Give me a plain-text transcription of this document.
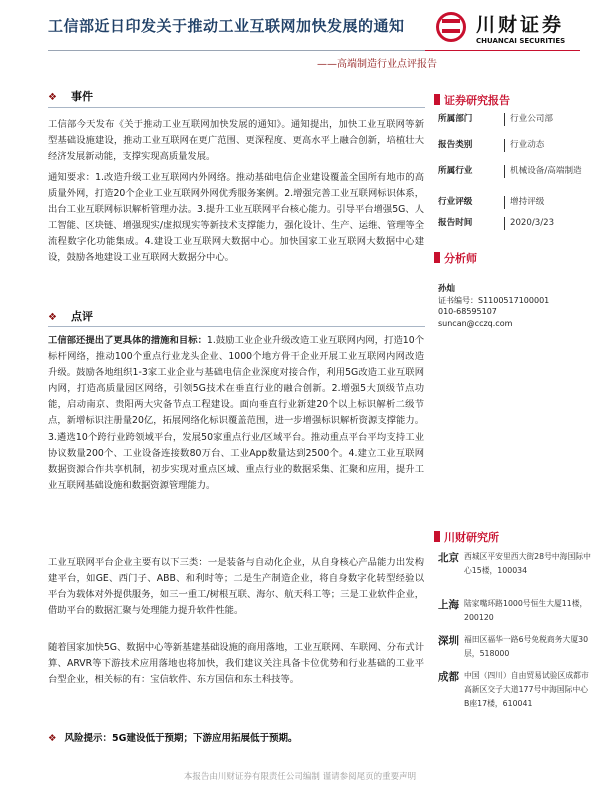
工信部近日印发关于推动工业互联网加快发展的通知	川财证券
CHUANCAI SECURITIES
——高端制造行业点评报告
❖ 事件
工信部今天发布《关于推动工业互联网加快发展的通知》。通知提出，加快工业互联网等新型基础设施建设，推动工业互联网在更广范围、更深程度、更高水平上融合创新，培植壮大经济发展新动能，支撑实现高质量发展。
通知要求：1.改造升级工业互联网内外网络。推动基础电信企业建设覆盖全国所有地市的高质量外网，打造20个企业工业互联网外网优秀服务案例。2.增强完善工业互联网标识体系，出台工业互联网标识解析管理办法。3.提升工业互联网平台核心能力。引导平台增强5G、人工智能、区块链、增强现实/虚拟现实等新技术支撑能力，强化设计、生产、运维、管理等全流程数字化功能集成。4.建设工业互联网大数据中心。加快国家工业互联网大数据中心建设，鼓励各地建设工业互联网大数据分中心。
❖ 点评
工信部还提出了更具体的措施和目标：1.鼓励工业企业升级改造工业互联网内网，打造10个标杆网络，推动100个重点行业龙头企业、1000个地方骨干企业开展工业互联网内网改造升级。鼓励各地组织1-3家工业企业与基础电信企业深度对接合作，利用5G改造工业互联网内网，打造高质量园区网络，引领5G技术在垂直行业的融合创新。2.增强5大顶级节点功能，启动南京、贵阳两大灾备节点工程建设。面向垂直行业新建20个以上标识解析二级节点，新增标识注册量20亿，拓展网络化标识覆盖范围，进一步增强标识解析资源支撑能力。3.遴选10个跨行业跨领域平台，发展50家重点行业/区域平台。推动重点平台平均支持工业协议数量200个、工业设备连接数80万台、工业App数量达到2500个。4.建立工业互联网数据资源合作共享机制，初步实现对重点区域、重点行业的数据采集、汇聚和应用，提升工业互联网基础设施和数据资源管理能力。
工业互联网平台企业主要有以下三类：一是装备与自动化企业，从自身核心产品能力出发构建平台，如GE、西门子、ABB、和利时等；二是生产制造企业，将自身数字化转型经验以平台为载体对外提供服务，如三一重工/树根互联、海尔、航天科工等；三是工业软件企业，借助平台的数据汇聚与处理能力提升软件性能。
随着国家加快5G、数据中心等新基建基础设施的商用落地，工业互联网、车联网、分布式计算、ARVR等下游技术应用落地也将加快，我们建议关注具备卡位优势和行业基础的工业平台型企业，相关标的有：宝信软件、东方国信和东土科技等。
❖ 风险提示：5G建设低于预期；下游应用拓展低于预期。
本报告由川财证券有限责任公司编制 谨请参阅尾页的重要声明
证券研究报告
所属部门	行业公司部
报告类别	行业动态
所属行业	机械设备/高端制造
行业评级	增持评级
报告时间	2020/3/23
分析师
孙灿
证书编号：S1100517100001
010-68595107
suncan@cczq.com
川财研究所
北京 西城区平安里西大街28号中海国际中心15楼，100034
上海 陆家嘴环路1000号恒生大厦11楼，200120
深圳 福田区福华一路6号免税商务大厦30层，518000
成都 中国（四川）自由贸易试验区成都市高新区交子大道177号中海国际中心B座17楼，610041
